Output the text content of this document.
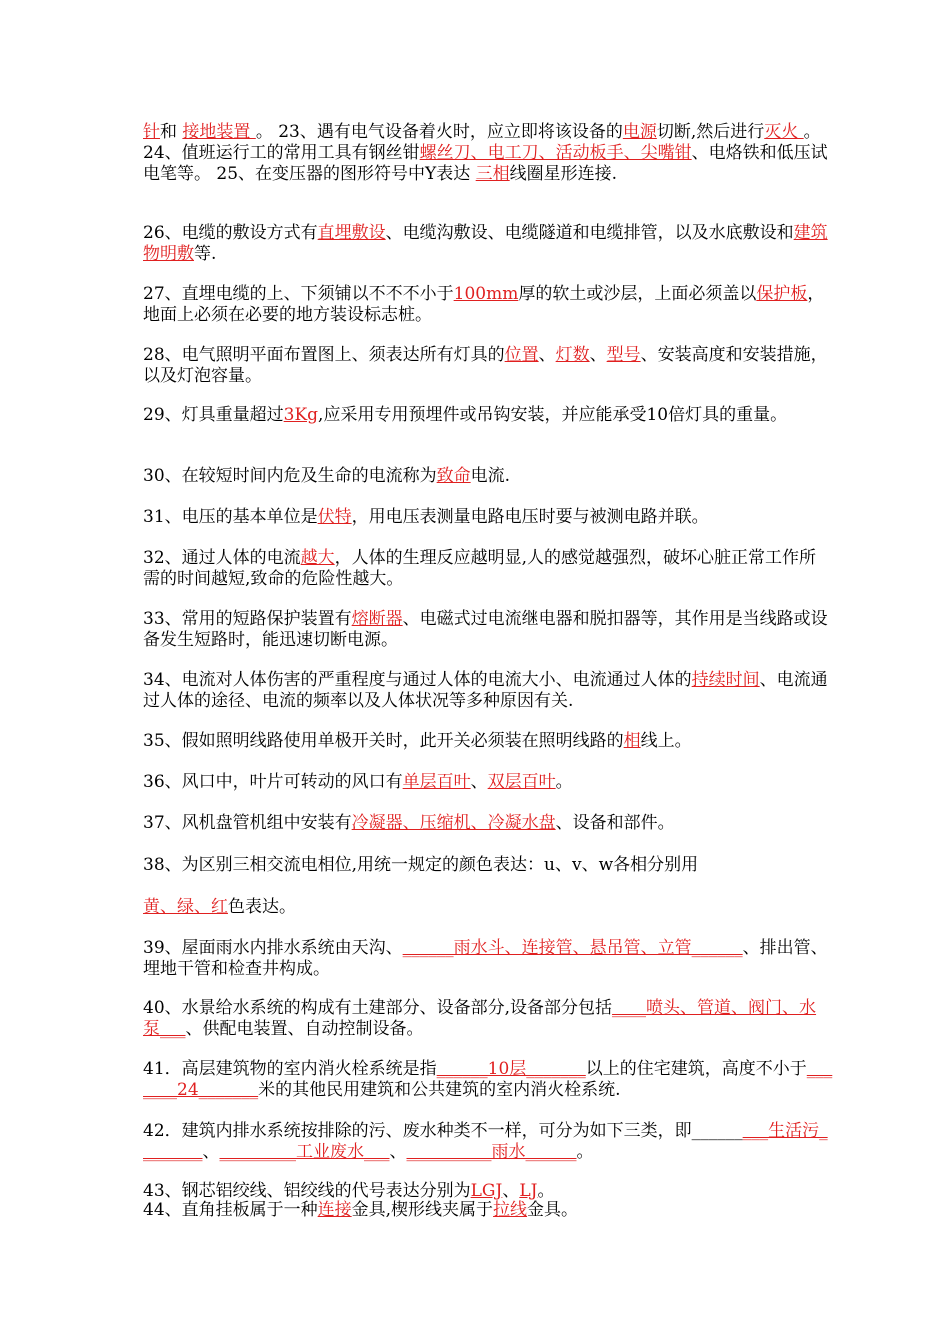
针和 接地装置 。 23、遇有电气设备着火时，应立即将该设备的电源切断,然后进行灭火 。 24、值班运行工的常用工具有钢丝钳螺丝刀、电工刀、活动板手、尖嘴钳、电烙铁和低压试电笔等。 25、在变压器的图形符号中Y表达 三相线圈星形连接.
26、电缆的敷设方式有直埋敷设、电缆沟敷设、电缆隧道和电缆排管，以及水底敷设和建筑物明敷等.
27、直埋电缆的上、下须铺以不不不小于100mm厚的软土或沙层，上面必须盖以保护板，地面上必须在必要的地方装设标志桩。
28、电气照明平面布置图上、须表达所有灯具的位置、灯数、型号、安装高度和安装措施，以及灯泡容量。
29、灯具重量超过3Kg,应采用专用预埋件或吊钩安装，并应能承受10倍灯具的重量。
30、在较短时间内危及生命的电流称为致命电流.
31、电压的基本单位是伏特，用电压表测量电路电压时要与被测电路并联。
32、通过人体的电流越大，人体的生理反应越明显,人的感觉越强烈，破坏心脏正常工作所需的时间越短,致命的危险性越大。
33、常用的短路保护装置有熔断器、电磁式过电流继电器和脱扣器等，其作用是当线路或设备发生短路时，能迅速切断电源。
34、电流对人体伤害的严重程度与通过人体的电流大小、电流通过人体的持续时间、电流通过人体的途径、电流的频率以及人体状况等多种原因有关.
35、假如照明线路使用单极开关时，此开关必须装在照明线路的相线上。
36、风口中，叶片可转动的风口有单层百叶、双层百叶。
37、风机盘管机组中安装有冷凝器、压缩机、冷凝水盘、设备和部件。
38、为区别三相交流电相位,用统一规定的颜色表达：u、v、w各相分别用
黄、绿、红色表达。
39、屋面雨水内排水系统由天沟、______雨水斗、连接管、悬吊管、立管______、排出管、埋地干管和检查井构成。
40、水景给水系统的构成有土建部分、设备部分,设备部分包括____喷头、管道、阀门、水泵___、供配电装置、自动控制设备。
41．高层建筑物的室内消火栓系统是指______10层_______以上的住宅建筑，高度不小于_______24_______米的其他民用建筑和公共建筑的室内消火栓系统.
42．建筑内排水系统按排除的污、废水种类不一样，可分为如下三类，即_________生活污________、_________工业废水___、__________雨水______。
43、钢芯铝绞线、铝绞线的代号表达分别为LGJ、LJ。
44、直角挂板属于一种连接金具,楔形线夹属于拉线金具。
